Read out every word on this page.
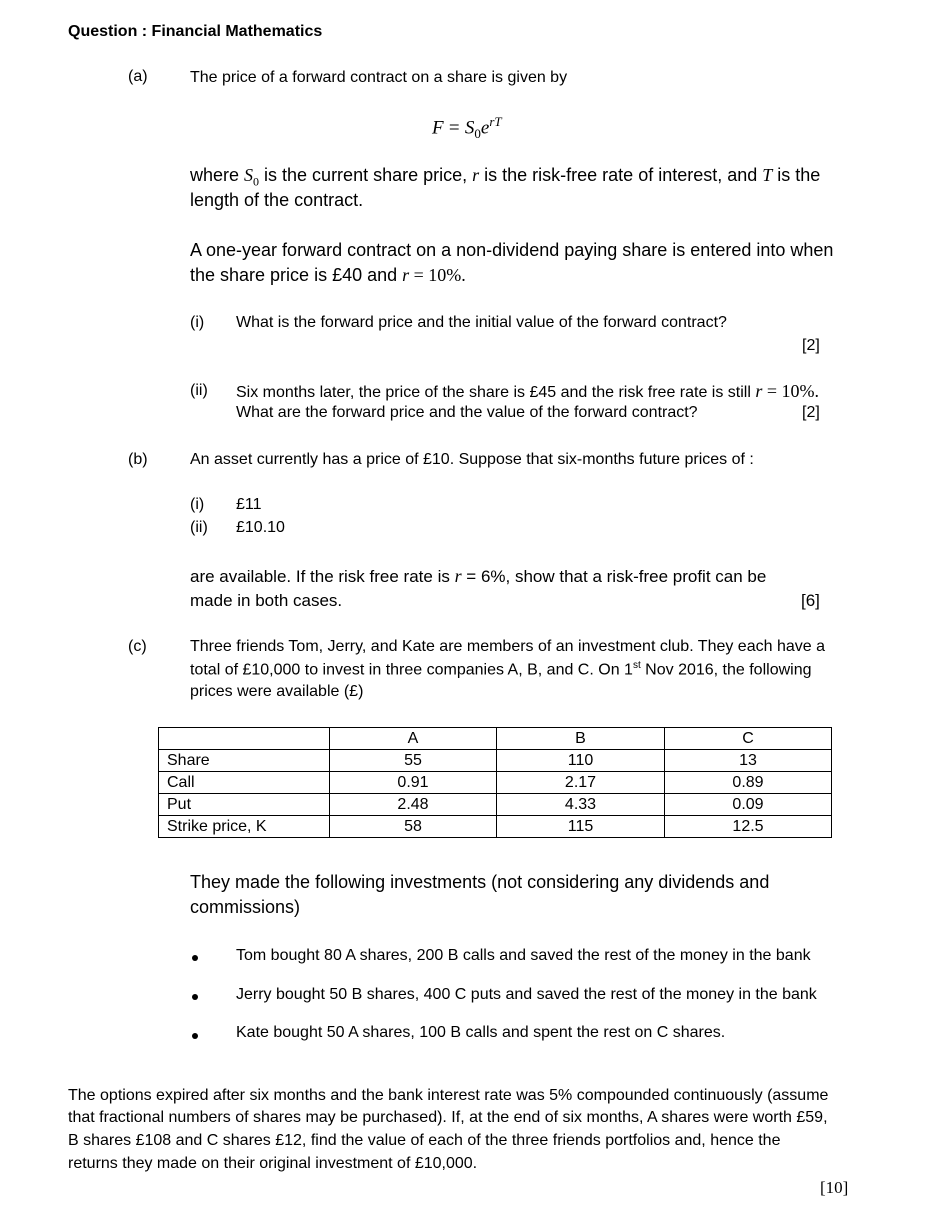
Question : Financial Mathematics
(a)	The price of a forward contract on a share is given by
$F = S_0e^{rT}$
where $S_0$ is the current share price, r is the risk-free rate of interest, and T is the
length of the contract.
A one-year forward contract on a non-dividend paying share is entered into when
the share price is £40 and r = 10%.
(i) What is the forward price and the initial value of the forward contract?
[2]
(ii) Six months later, the price of the share is £45 and the risk free rate is still r = 10%.
What are the forward price and the value of the forward contract?	[2]
(b)	An asset currently has a price of £10. Suppose that six-months future prices of :
(i) £11
(ii) £10.10
are available. If the risk free rate is r = 6%, show that a risk-free profit can be
made in both cases.	[6]
(c)	Three friends Tom, Jerry, and Kate are members of an investment club. They each have a
total of £10,000 to invest in three companies A, B, and C. On 1st Nov 2016, the following
prices were available (£)
	A	B	C
Share	55	110	13
Call	0.91	2.17	0.89
Put	2.48	4.33	0.09
Strike price, K	58	115	12.5
They made the following investments (not considering any dividends and
commissions)
Tom bought 80 A shares, 200 B calls and saved the rest of the money in the bank
Jerry bought 50 B shares, 400 C puts and saved the rest of the money in the bank
Kate bought 50 A shares, 100 B calls and spent the rest on C shares.
The options expired after six months and the bank interest rate was 5% compounded continuously (assume
that fractional numbers of shares may be purchased). If, at the end of six months, A shares were worth £59,
B shares £108 and C shares £12, find the value of each of the three friends portfolios and, hence the
returns they made on their original investment of £10,000.
[10]
